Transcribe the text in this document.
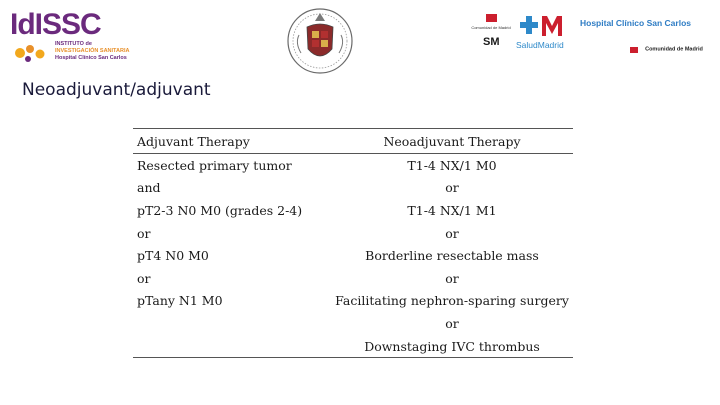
IdISSC
INSTITUTO de
INVESTIGACIÓN SANITARIA
Hospital Clínico San Carlos
Comunidad de Madrid
SM SaludMadrid
Hospital Clínico San Carlos
Comunidad de Madrid
Neoadjuvant/adjuvant
Adjuvant Therapy	Neoadjuvant Therapy
Resected primary tumor	T1-4 NX/1 M0
and	or
pT2-3 N0 M0 (grades 2-4)	T1-4 NX/1 M1
or	or
pT4 N0 M0	Borderline resectable mass
or	or
pTany N1 M0	Facilitating nephron-sparing surgery
	or
	Downstaging IVC thrombus
